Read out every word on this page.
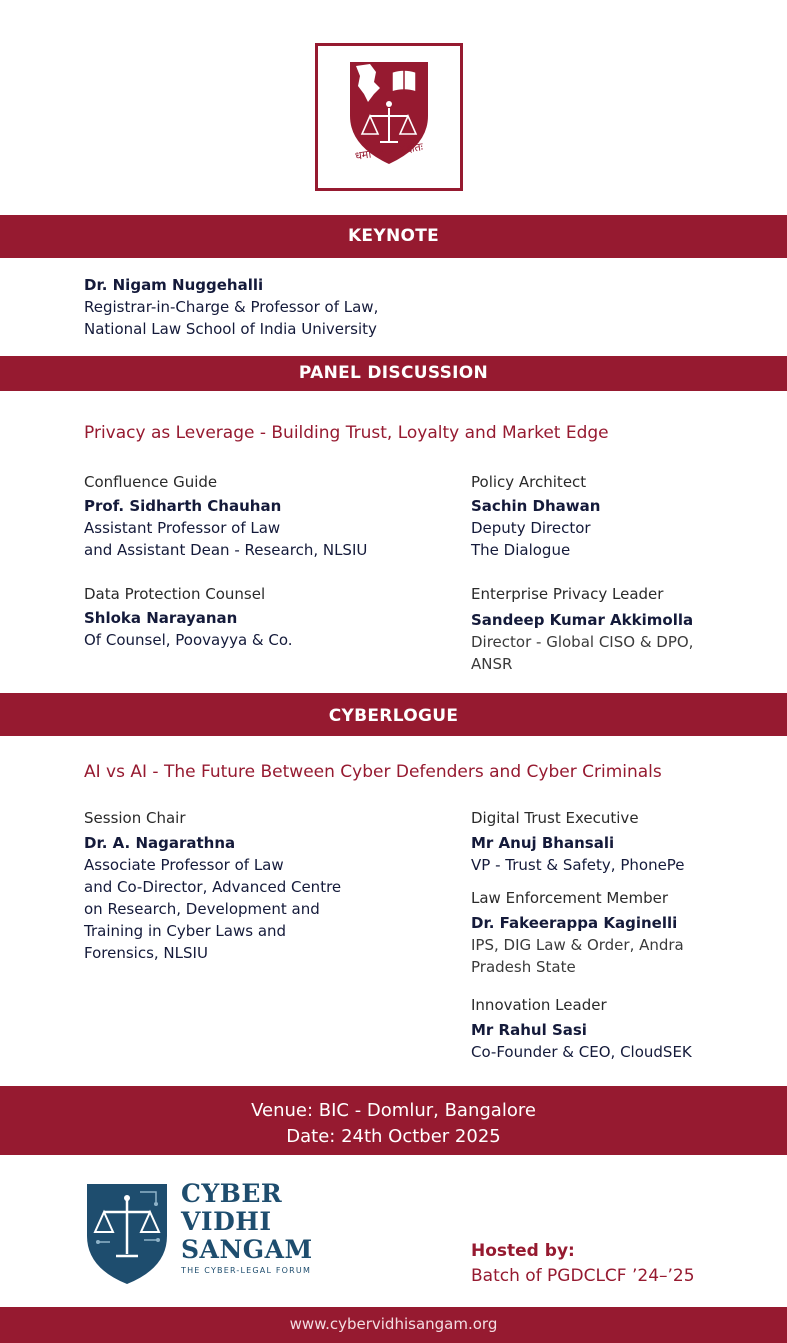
धर्मो रक्षति रक्षितः
KEYNOTE
Dr. Nigam Nuggehalli
Registrar-in-Charge & Professor of Law,
National Law School of India University
PANEL DISCUSSION
Privacy as Leverage - Building Trust, Loyalty and Market Edge
Confluence Guide
Prof. Sidharth Chauhan
Assistant Professor of Law
and Assistant Dean - Research, NLSIU
Policy Architect
Sachin Dhawan
Deputy Director
The Dialogue
Data Protection Counsel
Shloka Narayanan
Of Counsel, Poovayya & Co.
Enterprise Privacy Leader
Sandeep Kumar Akkimolla
Director - Global CISO & DPO,
ANSR
CYBERLOGUE
AI vs AI - The Future Between Cyber Defenders and Cyber Criminals
Session Chair
Dr. A. Nagarathna
Associate Professor of Law
and Co-Director, Advanced Centre
on Research, Development and
Training in Cyber Laws and
Forensics, NLSIU
Digital Trust Executive
Mr Anuj Bhansali
VP - Trust & Safety, PhonePe
Law Enforcement Member
Dr. Fakeerappa Kaginelli
IPS, DIG Law & Order, Andra
Pradesh State
Innovation Leader
Mr Rahul Sasi
Co-Founder & CEO, CloudSEK
Venue: BIC - Domlur, Bangalore
Date: 24th Octber 2025
CYBER
VIDHI
SANGAM
THE CYBER-LEGAL FORUM
Hosted by:
Batch of PGDCLCF ’24–’25
www.cybervidhisangam.org
